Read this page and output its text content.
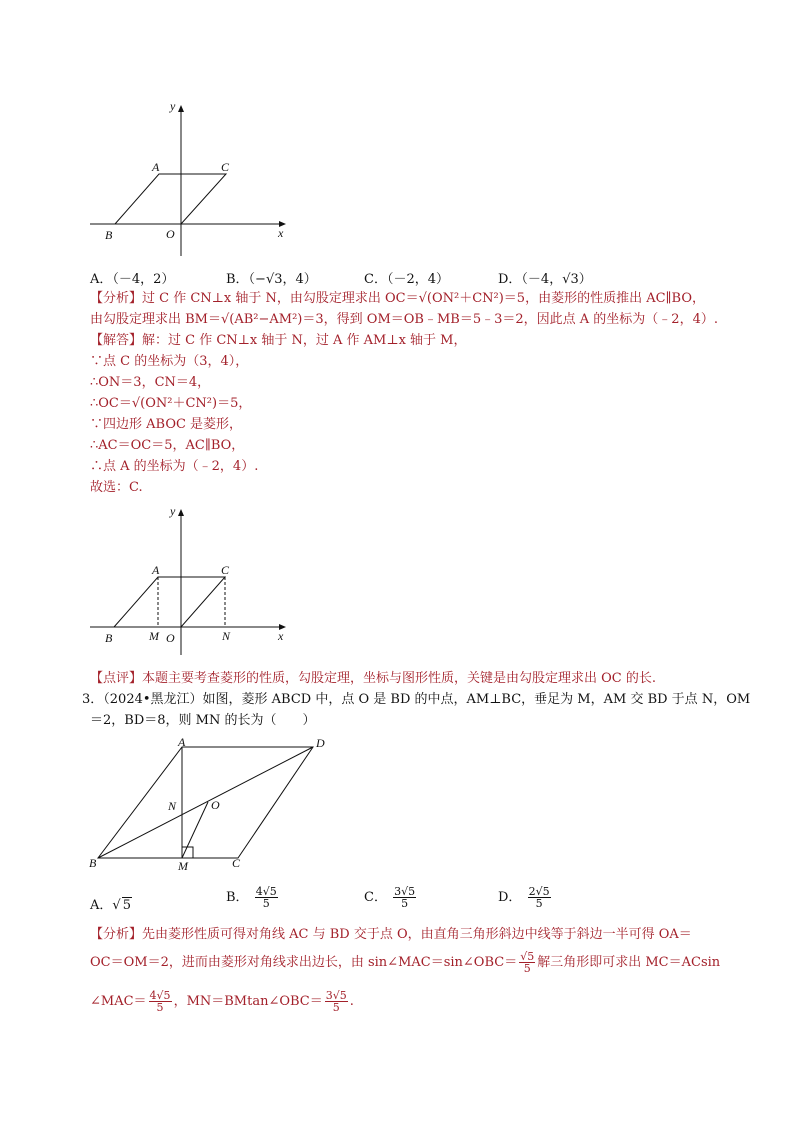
y
x
A	C
B	O
A．（－4，2）	B．（−√3，4）	C．（－2，4）	D．（－4，√3）
【分析】过 C 作 CN⊥x 轴于 N，由勾股定理求出 OC＝√(ON²＋CN²)＝5，由菱形的性质推出 AC∥BO，
由勾股定理求出 BM＝√(AB²−AM²)＝3，得到 OM＝OB﹣MB＝5﹣3＝2，因此点 A 的坐标为（﹣2，4）.
【解答】解：过 C 作 CN⊥x 轴于 N，过 A 作 AM⊥x 轴于 M，
∵点 C 的坐标为（3，4），
∴ON＝3，CN＝4，
∴OC＝√(ON²＋CN²)＝5，
∵四边形 ABOC 是菱形，
∴AC＝OC＝5，AC∥BO，
∴点 A 的坐标为（﹣2，4）.
故选：C.
y
x
A	C
B	M O	N
【点评】本题主要考查菱形的性质，勾股定理，坐标与图形性质，关键是由勾股定理求出 OC 的长.
3．（2024•黑龙江）如图，菱形 ABCD 中，点 O 是 BD 的中点，AM⊥BC，垂足为 M，AM 交 BD 于点 N，OM
＝2，BD＝8，则 MN 的长为（　　）
A	D
N	O
B	M	C
A．√ 5
B． $\frac{4√5}{5}$	C． $\frac{3√5}{5}$	D． $\frac{2√5}{5}$
【分析】先由菱形性质可得对角线 AC 与 BD 交于点 O，由直角三角形斜边中线等于斜边一半可得 OA＝
OC＝OM＝2，进而由菱形对角线求出边长，由 sin∠MAC＝sin∠OBC＝ $\frac{√5}{5}$ 解三角形即可求出 MC＝ACsin
∠MAC＝ $\frac{4√5}{5}$ ，MN＝BMtan∠OBC＝ $\frac{3√5}{5}$ .
